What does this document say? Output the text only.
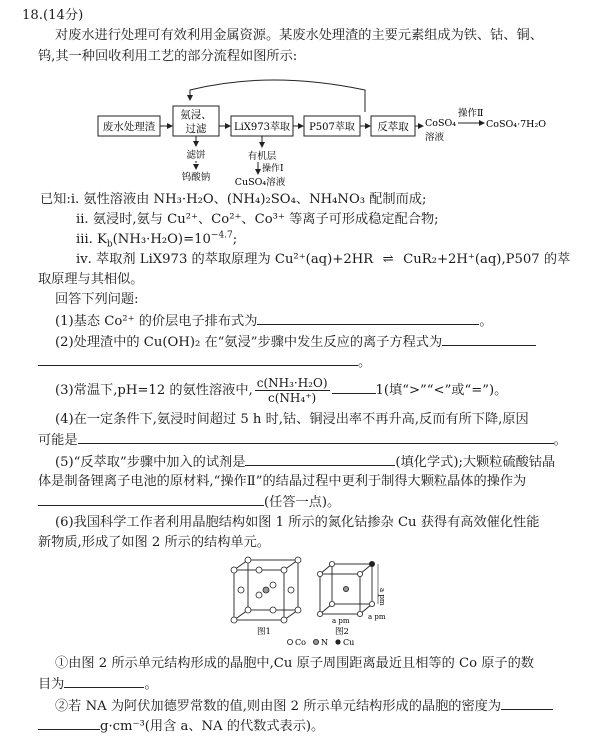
18.(14分)
对废水进行处理可有效利用金属资源。某废水处理渣的主要元素组成为铁、钴、铜、
钨,其一种回收利用工艺的部分流程如图所示:
废水处理渣
氨浸、
过滤	LiX973萃取 P507萃取 反萃取 CoSO₄
溶液
操作Ⅱ
CoSO₄·7H₂O
滤饼
钨酸钠
有机层
操作Ⅰ
CuSO₄溶液
已知:ⅰ. 氨性溶液由 NH₃·H₂O、(NH₄)₂SO₄、NH₄NO₃ 配制而成;
ⅱ. 氨浸时,氨与 Cu²⁺、Co²⁺、Co³⁺ 等离子可形成稳定配合物;
ⅲ. $K_b(NH_3\cdot H_2O)=10^{-4.7}$;
ⅳ. 萃取剂 LiX973 的萃取原理为 Cu²⁺(aq)+2HR ⇌ CuR₂+2H⁺(aq),P507 的萃
取原理与其相似。
回答下列问题:
(1)基态 Co²⁺ 的价层电子排布式为	。
(2)处理渣中的 Cu(OH)₂ 在“氨浸”步骤中发生反应的离子方程式为
。
(3)常温下,pH=12 的氨性溶液中, $\frac{\text{c(NH₃·H₂O)}}{\text{c(NH₄⁺)}}$	1(填“>”“<”或“=”)。
(4)在一定条件下,氨浸时间超过 5 h 时,钴、铜浸出率不再升高,反而有所下降,原因
可能是	。
(5)“反萃取”步骤中加入的试剂是	(填化学式);大颗粒硫酸钴晶
体是制备锂离子电池的原材料,“操作Ⅱ”的结晶过程中更利于制得大颗粒晶体的操作为
(任答一点)。
(6)我国科学工作者利用晶胞结构如图 1 所示的氮化钴掺杂 Cu 获得有高效催化性能
新物质,形成了如图 2 所示的结构单元。
图1
a pm
a pm	a pm
图2
Co N Cu
①由图 2 所示单元结构形成的晶胞中,Cu 原子周围距离最近且相等的 Co 原子的数
目为	。
②若 NA 为阿伏加德罗常数的值,则由图 2 所示单元结构形成的晶胞的密度为
g·cm⁻³(用含 a、NA 的代数式表示)。
